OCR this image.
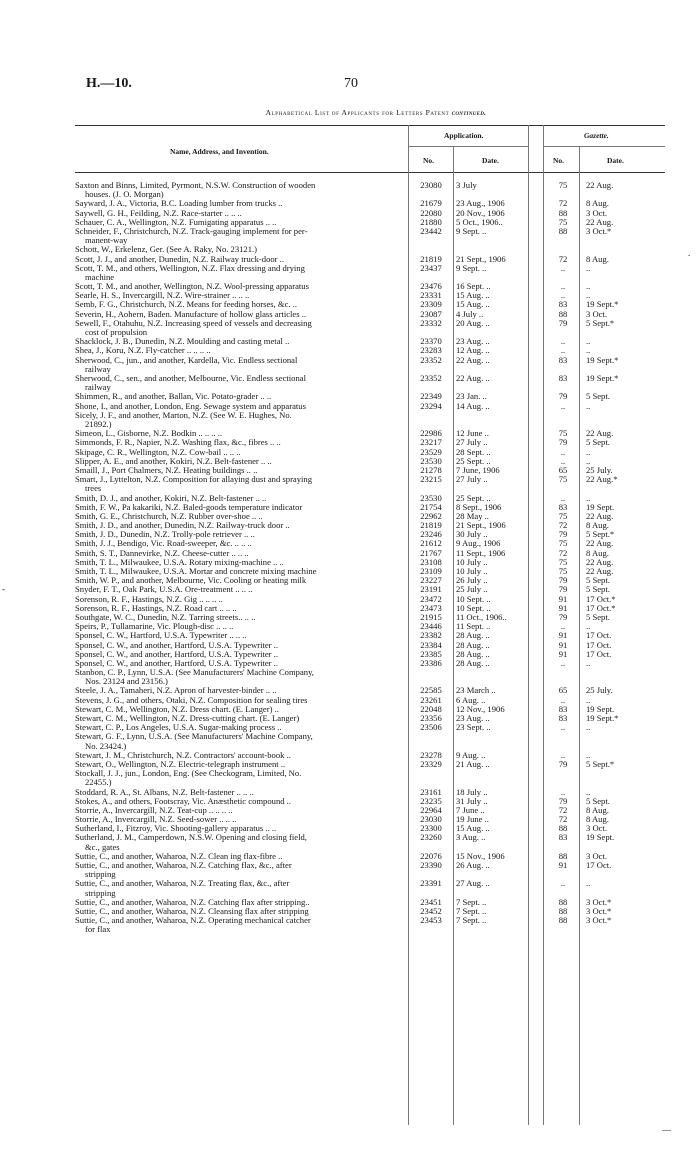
H.—10.	70
Alphabetical List of Applicants for Letters Patent continued.
Name, Address, and Invention.
Application.	Gazette.
No.	Date.	No.	Date.
Saxton and Binns, Limited, Pyrmont, N.S.W. Construction of wooden
houses. (J. O. Morgan)
23080	3 July	75	22 Aug.
Sayward, J. A., Victoria, B.C. Loading lumber from trucks ..	21679	23 Aug., 1906	72	8 Aug.
Saywell, G. H., Feilding, N.Z. Race-starter .. .. ..	22080	20 Nov., 1906	88	3 Oct.
Schauer, C. A., Wellington, N.Z. Fumigating apparatus .. ..	21880	5 Oct., 1906..	75	22 Aug.
Schneider, F., Christchurch, N.Z. Track-gauging implement for per-
manent-way
23442	9 Sept. ..	88	3 Oct.*
Schott, W., Erkelenz, Ger. (See A. Raky, No. 23121.)
Scott, J. J., and another, Dunedin, N.Z. Railway truck-door ..	21819	21 Sept., 1906	72	8 Aug.
Scott, T. M., and others, Wellington, N.Z. Flax dressing and drying
machine
23437	9 Sept. ..	..	..
Scott, T. M., and another, Wellington, N.Z. Wool-pressing apparatus	23476	16 Sept. ..	..	..
Searle, H. S., Invercargill, N.Z. Wire-strainer .. .. ..	23331	15 Aug. ..	..	..
Semb, F. G., Christchurch, N.Z. Means for feeding horses, &c. ..	23309	15 Aug. ..	83	19 Sept.*
Severin, H., Aohern, Baden. Manufacture of hollow glass articles ..	23087	4 July ..	88	3 Oct.
Sewell, F., Otahuhu, N.Z. Increasing speed of vessels and decreasing
cost of propulsion
23332	20 Aug. ..	79	5 Sept.*
Shacklock, J. B., Dunedin, N.Z. Moulding and casting metal ..	23370	23 Aug. ..	..	..
Shea, J., Koru, N.Z. Fly-catcher .. .. .. ..	23283	12 Aug. ..	..	..
Sherwood, C., jun., and another, Kardella, Vic. Endless sectional
railway
23352	22 Aug. ..	83	19 Sept.*
Sherwood, C., sen., and another, Melbourne, Vic. Endless sectional
railway
23352	22 Aug. ..	83	19 Sept.*
Shimmen, R., and another, Ballan, Vic. Potato-grader .. ..	22349	23 Jan. ..	79	5 Sept.
Shone, I., and another, London, Eng. Sewage system and apparatus	23294	14 Aug. ..	..	..
Sicely, J. F., and another, Marton, N.Z. (See W. E. Hughes, No.
21892.)
Simeon, L., Gisborne, N.Z. Bodkin .. .. .. ..	22986	12 June ..	75	22 Aug.
Simmonds, F. R., Napier, N.Z. Washing flax, &c., fibres .. ..	23217	27 July ..	79	5 Sept.
Skipage, C. R., Wellington, N.Z. Cow-bail .. .. ..	23529	28 Sept. ..	..	..
Slipper, A. E., and another, Kokiri, N.Z. Belt-fastener .. ..	23530	25 Sept. ..	..	..
Smaill, J., Port Chalmers, N.Z. Heating buildings .. ..	21278	7 June, 1906	65	25 July.
Smart, J., Lyttelton, N.Z. Composition for allaying dust and spraying
trees
23215	27 July ..	75	22 Aug.*
Smith, D. J., and another, Kokiri, N.Z. Belt-fastener .. ..	23530	25 Sept. ..	..	..
Smith, F. W., Pa kakariki, N.Z. Baled-goods temperature indicator	21754	8 Sept., 1906	83	19 Sept.
Smith, G. E., Christchurch, N.Z. Rubber over-shoe .. ..	22962	28 May ..	75	22 Aug.
Smith, J. D., and another, Dunedin, N.Z. Railway-truck door ..	21819	21 Sept., 1906	72	8 Aug.
Smith, J. D., Dunedin, N.Z. Trolly-pole retriever .. ..	23246	30 July ..	79	5 Sept.*
Smith, J. J., Bendigo, Vic. Road-sweeper, &c. .. .. ..	21612	9 Aug., 1906	75	22 Aug.
Smith, S. T., Dannevirke, N.Z. Cheese-cutter .. .. ..	21767	11 Sept., 1906	72	8 Aug.
Smith, T. L., Milwaukee, U.S.A. Rotary mixing-machine .. ..	23108	10 July ..	75	22 Aug.
Smith, T. L., Milwaukee, U.S.A. Mortar and concrete mixing machine	23109	10 July ..	75	22 Aug.
Smith, W. P., and another, Melbourne, Vic. Cooling or heating milk	23227	26 July ..	79	5 Sept.
Snyder, F. T., Oak Park, U.S.A. Ore-treatment .. .. ..	23191	25 July ..	79	5 Sept.
Sorenson, R. F., Hastings, N.Z. Gig .. .. .. ..	23472	10 Sept. ..	91	17 Oct.*
Sorenson, R. F., Hastings, N.Z. Road cart .. .. ..	23473	10 Sept. ..	91	17 Oct.*
Southgate, W. C., Dunedin, N.Z. Tarring streets.. .. ..	21915	11 Oct., 1906..	79	5 Sept.
Speirs, P., Tullamarine, Vic. Plough-disc .. .. ..	23446	11 Sept. ..	..	..
Sponsel, C. W., Hartford, U.S.A. Typewriter .. .. ..	23382	28 Aug. ..	91	17 Oct.
Sponsel, C. W., and another, Hartford, U.S.A. Typewriter ..	23384	28 Aug. ..	91	17 Oct.
Sponsel, C. W., and another, Hartford, U.S.A. Typewriter ..	23385	28 Aug. ..	91	17 Oct.
Sponsel, C. W., and another, Hartford, U.S.A. Typewriter ..	23386	28 Aug. ..	..	..
Stanbon, C. P., Lynn, U.S.A. (See Manufacturers' Machine Company,
Nos. 23124 and 23156.)
Steele, J. A., Tamaheri, N.Z. Apron of harvester-binder .. ..	22585	23 March ..	65	25 July.
Stevens, J. G., and others, Otaki, N.Z. Composition for sealing tires	23261	6 Aug. ..	..	..
Stewart, C. M., Wellington, N.Z. Dress chart. (E. Langer) ..	22048	12 Nov., 1906	83	19 Sept.
Stewart, C. M., Wellington, N.Z. Dress-cutting chart. (E. Langer)	23356	23 Aug. ..	83	19 Sept.*
Stewart, C. P., Los Angeles, U.S.A. Sugar-making process ..	23506	23 Sept. ..	..	..
Stewart, G. F., Lynn, U.S.A. (See Manufacturers' Machine Company,
No. 23424.)
Stewart, J. M., Christchurch, N.Z. Contractors' account-book ..	23278	9 Aug. ..	..	..
Stewart, O., Wellington, N.Z. Electric-telegraph instrument ..	23329	21 Aug. ..	79	5 Sept.*
Stockall, J. J., jun., London, Eng. (See Checkogram, Limited, No.
22455.)
Stoddard, R. A., St. Albans, N.Z. Belt-fastener .. .. ..	23161	18 July ..	..	..
Stokes, A., and others, Footscray, Vic. Anæsthetic compound ..	23235	31 July ..	79	5 Sept.
Storrie, A., Invercargill, N.Z. Teat-cup .. .. .. ..	22964	7 June ..	72	8 Aug.
Storrie, A., Invercargill, N.Z. Seed-sower .. .. ..	23030	19 June ..	72	8 Aug.
Sutherland, I., Fitzroy, Vic. Shooting-gallery apparatus .. ..	23300	15 Aug. ..	88	3 Oct.
Sutherland, J. M., Camperdown, N.S.W. Opening and closing field,
&c., gates
23260	3 Aug. ..	83	19 Sept.
Suttie, C., and another, Waharoa, N.Z. Clean ing flax-fibre ..	22076	15 Nov., 1906	88	3 Oct.
Suttie, C., and another, Waharoa, N.Z. Catching flax, &c., after
stripping
23390	26 Aug. ..	91	17 Oct.
Suttie, C., and another, Waharoa, N.Z. Treating flax, &c., after
stripping
23391	27 Aug. ..	..	..
Suttie, C., and another, Waharoa, N.Z. Catching flax after stripping..	23451	7 Sept. ..	88	3 Oct.*
Suttie, C., and another, Waharoa, N.Z. Cleansing flax after stripping	23452	7 Sept. ..	88	3 Oct.*
Suttie, C., and another, Waharoa, N.Z. Operating mechanical catcher
for flax
23453	7 Sept. ..	88	3 Oct.*
-
.
—
